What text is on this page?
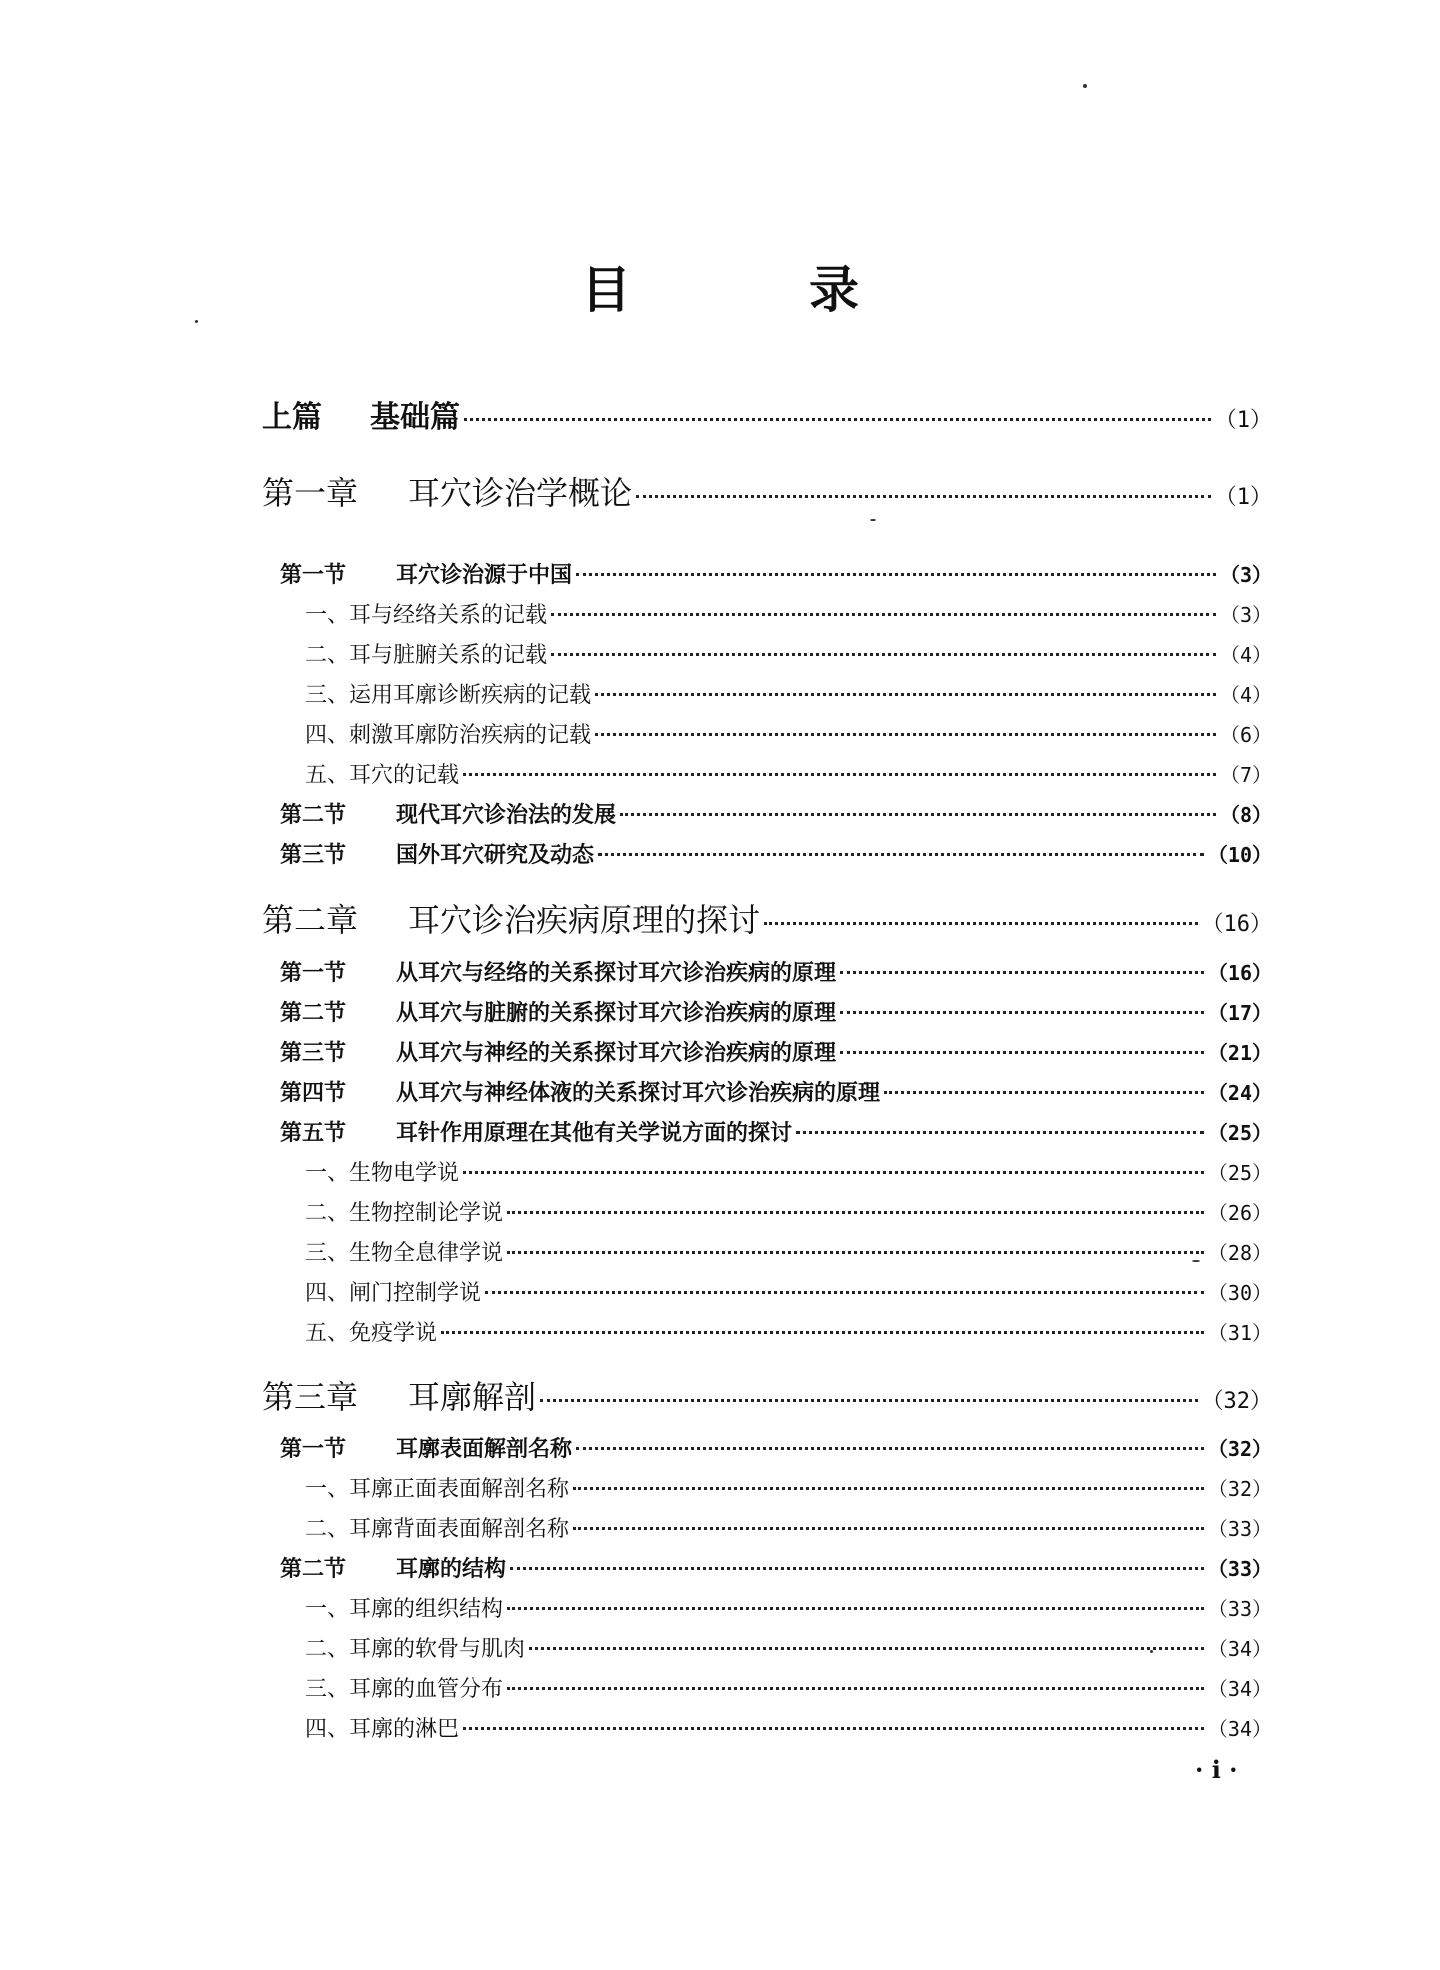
目　录
上篇	基础篇	（1）
第一章	耳穴诊治学概论	（1）
第一节	耳穴诊治源于中国	（3）
一、耳与经络关系的记载	（3）
二、耳与脏腑关系的记载	（4）
三、运用耳廓诊断疾病的记载	（4）
四、刺激耳廓防治疾病的记载	（6）
五、耳穴的记载	（7）
第二节	现代耳穴诊治法的发展	（8）
第三节	国外耳穴研究及动态	（10）
第二章	耳穴诊治疾病原理的探讨	（16）
第一节	从耳穴与经络的关系探讨耳穴诊治疾病的原理	（16）
第二节	从耳穴与脏腑的关系探讨耳穴诊治疾病的原理	（17）
第三节	从耳穴与神经的关系探讨耳穴诊治疾病的原理	（21）
第四节	从耳穴与神经体液的关系探讨耳穴诊治疾病的原理	（24）
第五节	耳针作用原理在其他有关学说方面的探讨	（25）
一、生物电学说	（25）
二、生物控制论学说	（26）
三、生物全息律学说	（28）
四、闸门控制学说	（30）
五、免疫学说	（31）
第三章	耳廓解剖	（32）
第一节	耳廓表面解剖名称	（32）
一、耳廓正面表面解剖名称	（32）
二、耳廓背面表面解剖名称	（33）
第二节	耳廓的结构	（33）
一、耳廓的组织结构	（33）
二、耳廓的软骨与肌肉	（34）
三、耳廓的血管分布	（34）
四、耳廓的淋巴	（34）
· i ·
